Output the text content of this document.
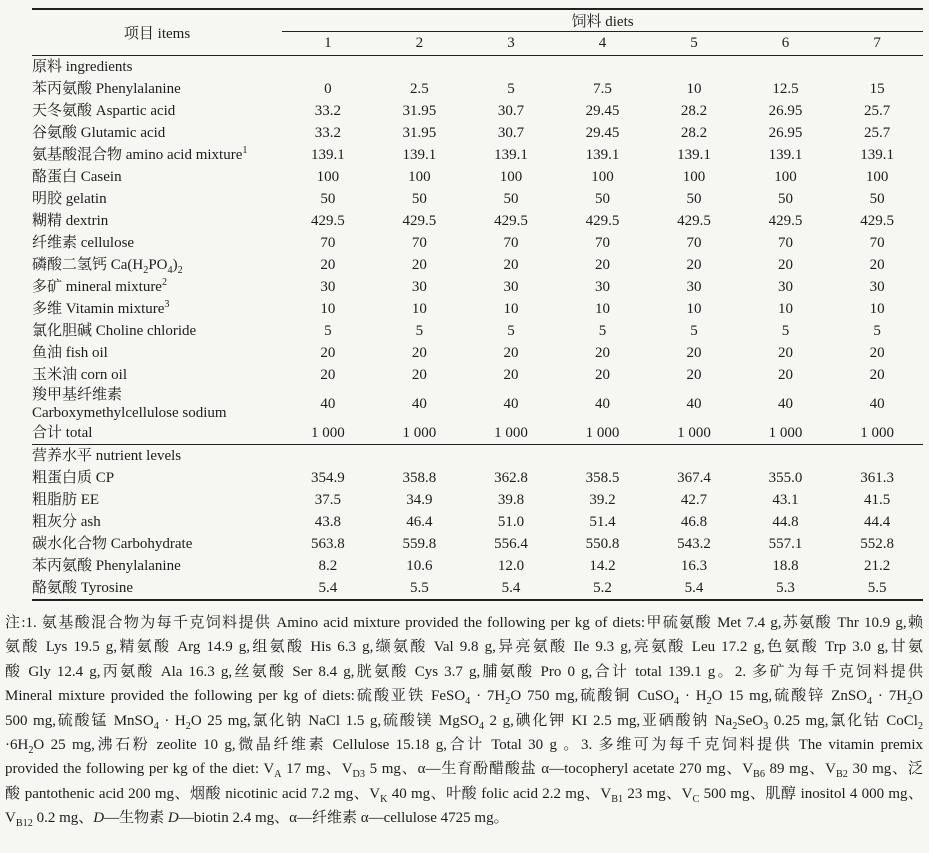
项目 items	饲料 diets						
	1	2	3	4	5	6	7
原料 ingredients							
苯丙氨酸 Phenylalanine	0	2.5	5	7.5	10	12.5	15
天冬氨酸 Aspartic acid	33.2	31.95	30.7	29.45	28.2	26.95	25.7
谷氨酸 Glutamic acid	33.2	31.95	30.7	29.45	28.2	26.95	25.7
氨基酸混合物 amino acid mixture$^1$	139.1	139.1	139.1	139.1	139.1	139.1	139.1
酪蛋白 Casein	100	100	100	100	100	100	100
明胶 gelatin	50	50	50	50	50	50	50
糊精 dextrin	429.5	429.5	429.5	429.5	429.5	429.5	429.5
纤维素 cellulose	70	70	70	70	70	70	70
磷酸二氢钙 $Ca(H_2PO_4)_2$	20	20	20	20	20	20	20
多矿 mineral mixture$^2$	30	30	30	30	30	30	30
多维 Vitamin mixture$^3$	10	10	10	10	10	10	10
氯化胆碱 Choline chloride	5	5	5	5	5	5	5
鱼油 fish oil	20	20	20	20	20	20	20
玉米油 corn oil	20	20	20	20	20	20	20
羧甲基纤维素
Carboxymethylcellulose sodium	40	40	40	40	40	40	40
合计 total	1 000	1 000	1 000	1 000	1 000	1 000	1 000
营养水平 nutrient levels							
粗蛋白质 CP	354.9	358.8	362.8	358.5	367.4	355.0	361.3
粗脂肪 EE	37.5	34.9	39.8	39.2	42.7	43.1	41.5
粗灰分 ash	43.8	46.4	51.0	51.4	46.8	44.8	44.4
碳水化合物 Carbohydrate	563.8	559.8	556.4	550.8	543.2	557.1	552.8
苯丙氨酸 Phenylalanine	8.2	10.6	12.0	14.2	16.3	18.8	21.2
酪氨酸 Tyrosine	5.4	5.5	5.4	5.2	5.4	5.3	5.5
注:1. 氨基酸混合物为每千克饲料提供 Amino acid mixture provided the following per kg of diets:甲硫氨酸 Met 7.4 g,苏氨酸 Thr 10.9 g,赖
氨酸 Lys 19.5 g,精氨酸 Arg 14.9 g,组氨酸 His 6.3 g,缬氨酸 Val 9.8 g,异亮氨酸 Ile 9.3 g,亮氨酸 Leu 17.2 g,色氨酸 Trp 3.0 g,甘氨
酸 Gly 12.4 g,丙氨酸 Ala 16.3 g,丝氨酸 Ser 8.4 g,胱氨酸 Cys 3.7 g,脯氨酸 Pro 0 g,合计 total 139.1 g。2. 多矿为每千克饲料提供
Mineral mixture provided the following per kg of diets:硫酸亚铁 FeSO$_4$ · $7H_2O$ 750 mg,硫酸铜 CuSO$_4$ · $H_2O$ 15 mg,硫酸锌 ZnSO$_4$ · $7H_2O$
500 mg,硫酸锰 MnSO$_4$ · $H_2O$ 25 mg,氯化钠 NaCl 1.5 g,硫酸镁 MgSO$_4$ 2 g,碘化钾 KI 2.5 mg,亚硒酸钠 $Na_2SeO_3$ 0.25 mg,氯化钴 CoCl$_2$
$\cdot 6H_2O$ 25 mg,沸石粉 zeolite 10 g,微晶纤维素 Cellulose 15.18 g,合计 Total 30 g 。3. 多维可为每千克饲料提供 The vitamin premix
provided the following per kg of the diet: $V_A$ 17 mg、$V_{D3}$ 5 mg、α—生育酚醋酸盐 α—tocopheryl acetate 270 mg、$V_{B6}$ 89 mg、$V_{B2}$ 30 mg、泛
酸 pantothenic acid 200 mg、烟酸 nicotinic acid 7.2 mg、$V_K$ 40 mg、叶酸 folic acid 2.2 mg、$V_{B1}$ 23 mg、$V_C$ 500 mg、肌醇 inositol 4 000 mg、
$V_{B12}$ 0.2 mg、D—生物素 D—biotin 2.4 mg、α—纤维素 α—cellulose 4725 mg。
